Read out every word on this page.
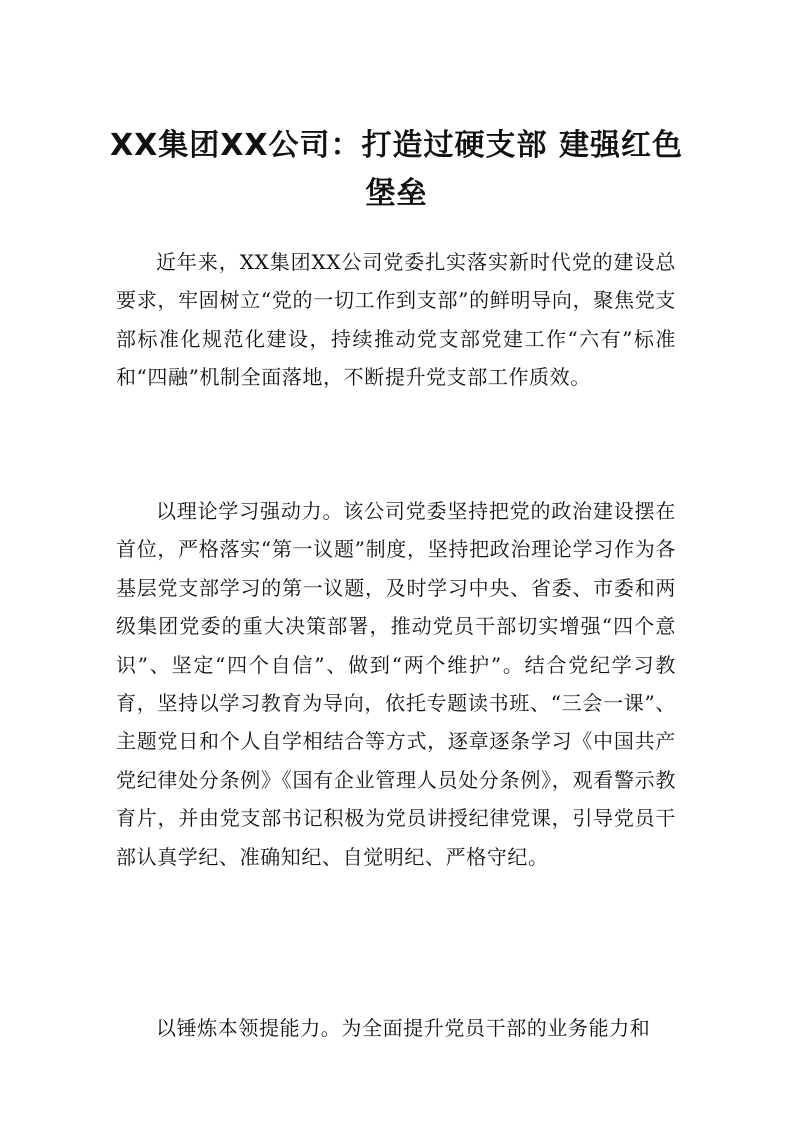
XX集团XX公司：打造过硬支部 建强红色堡垒

近年来，XX集团XX公司党委扎实落实新时代党的建设总要求，牢固树立“党的一切工作到支部”的鲜明导向，聚焦党支部标准化规范化建设，持续推动党支部党建工作“六有”标准和“四融”机制全面落地，不断提升党支部工作质效。

以理论学习强动力。该公司党委坚持把党的政治建设摆在首位，严格落实“第一议题”制度，坚持把政治理论学习作为各基层党支部学习的第一议题，及时学习中央、省委、市委和两级集团党委的重大决策部署，推动党员干部切实增强“四个意识”、坚定“四个自信”、做到“两个维护”。结合党纪学习教育，坚持以学习教育为导向，依托专题读书班、“三会一课”、主题党日和个人自学相结合等方式，逐章逐条学习《中国共产党纪律处分条例》《国有企业管理人员处分条例》，观看警示教育片，并由党支部书记积极为党员讲授纪律党课，引导党员干部认真学纪、准确知纪、自觉明纪、严格守纪。

以锤炼本领提能力。为全面提升党员干部的业务能力和
